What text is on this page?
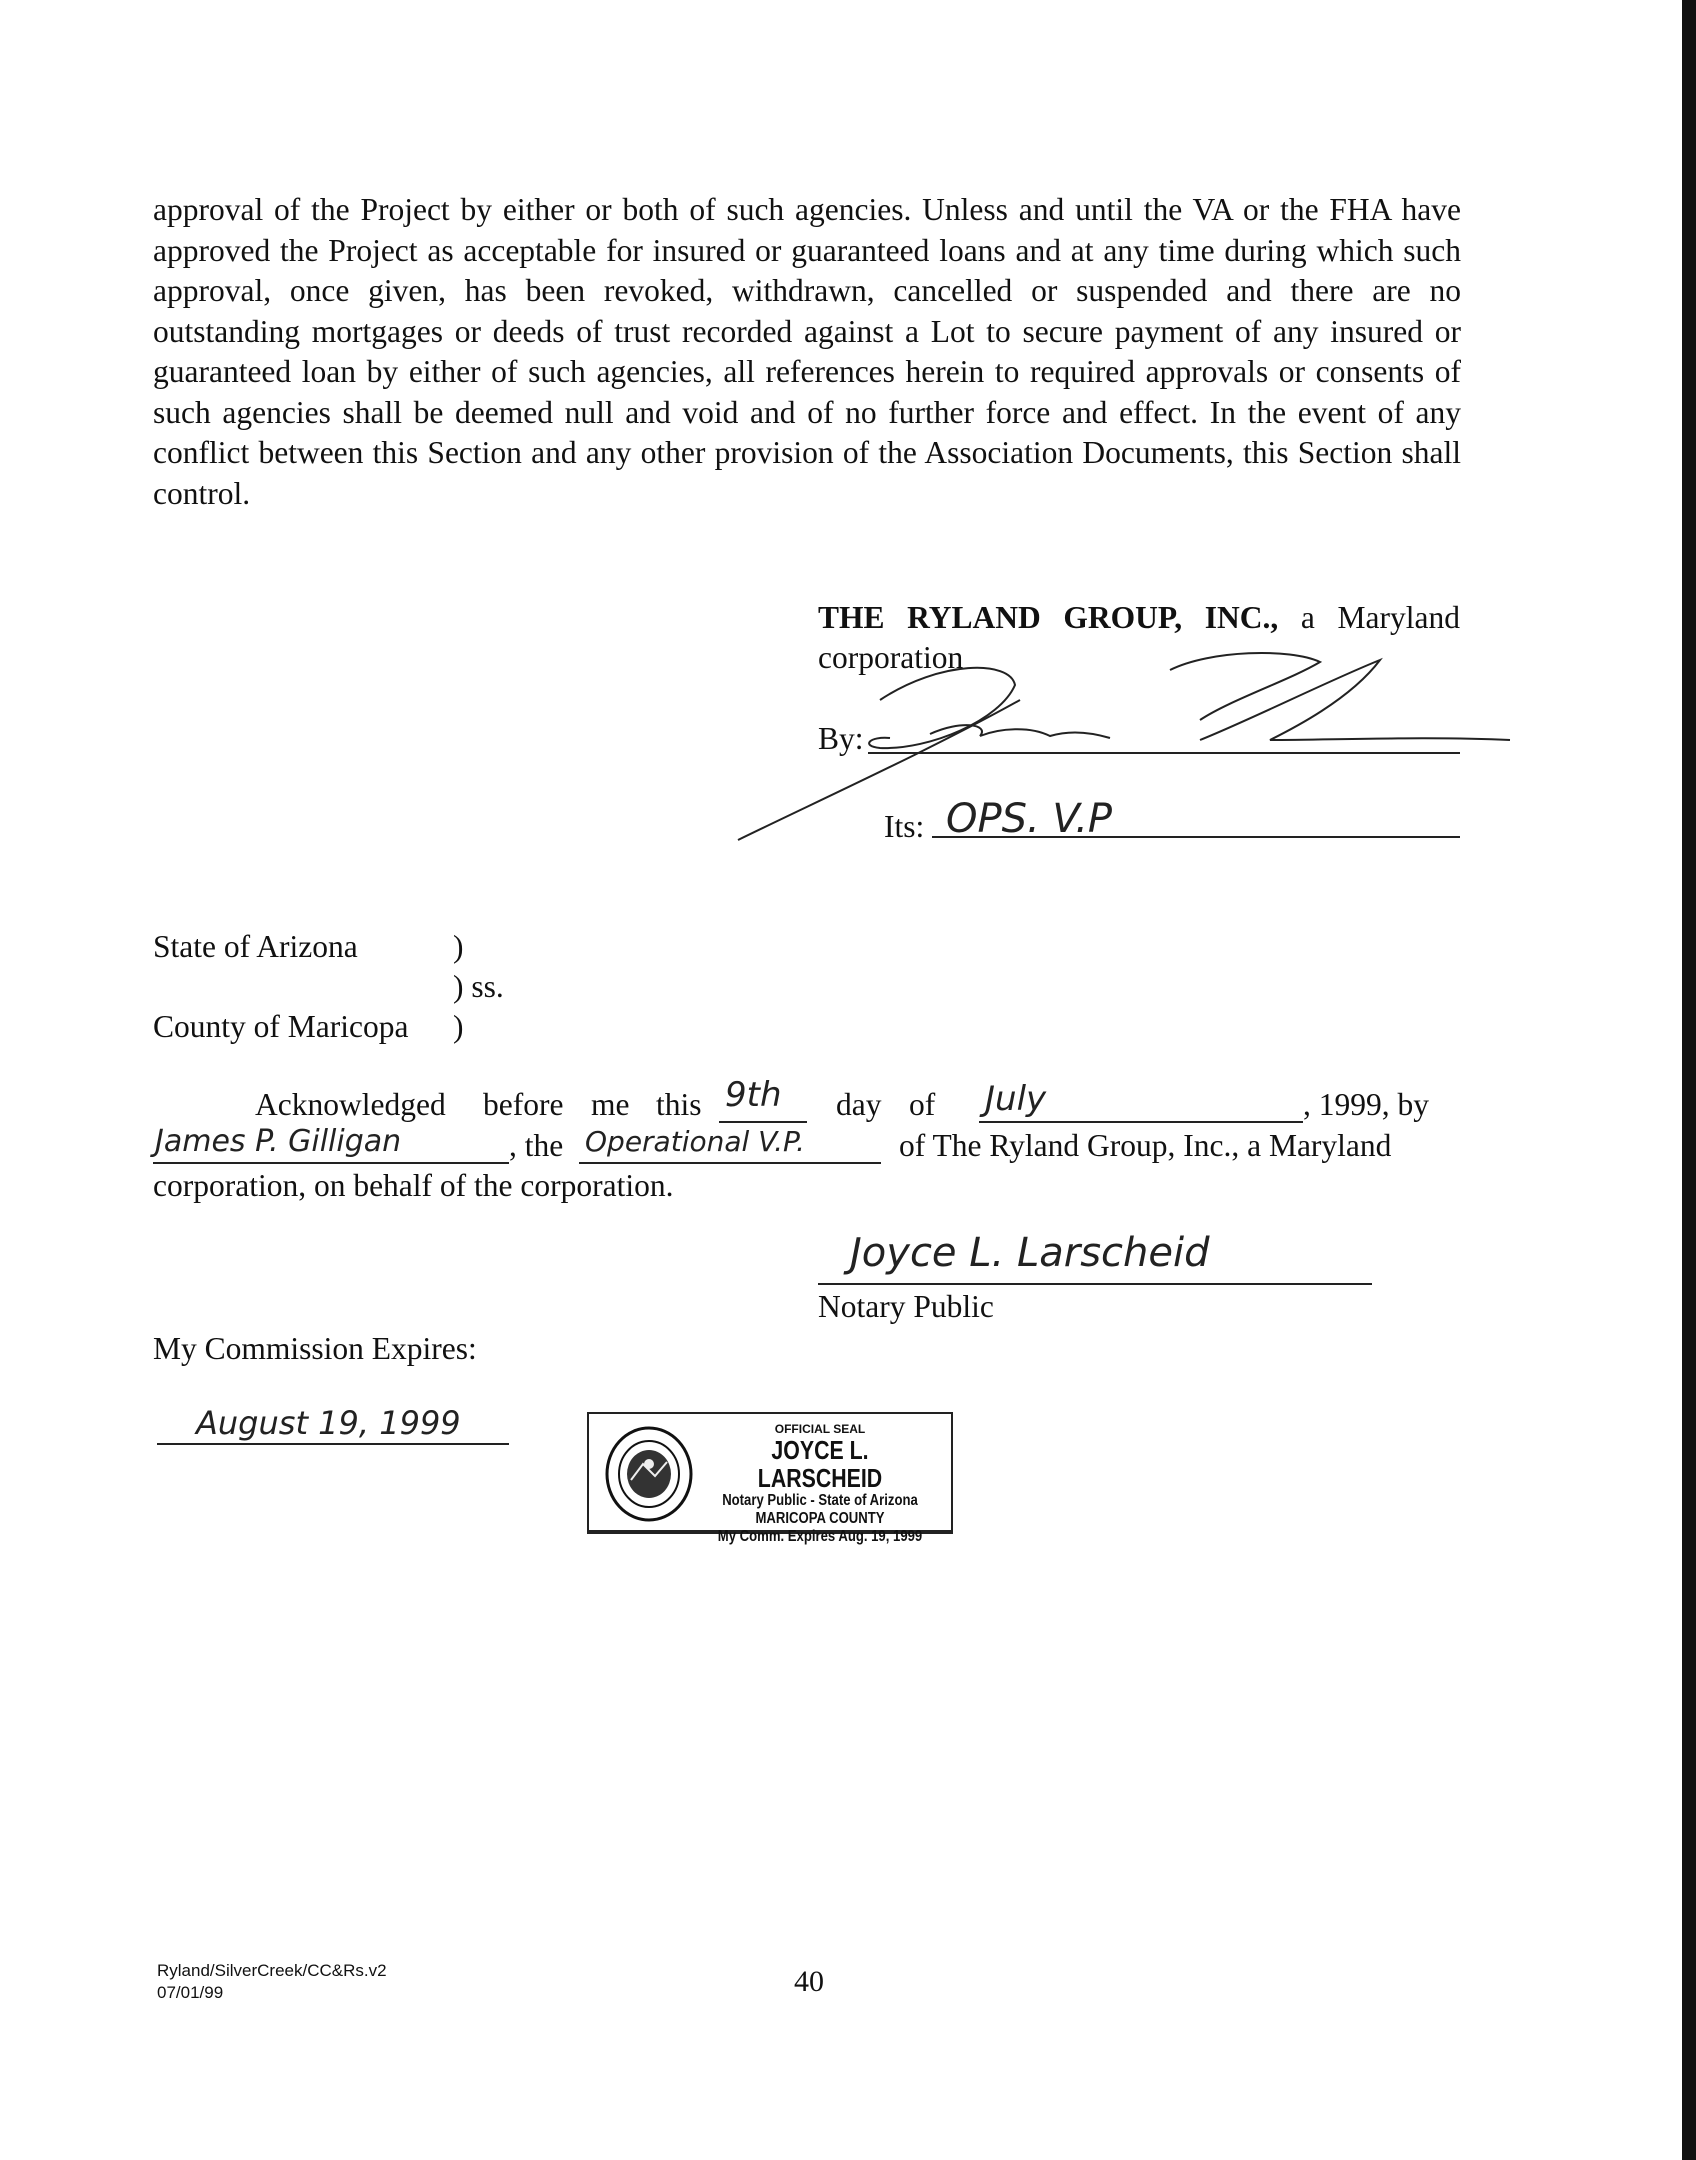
approval of the Project by either or both of such agencies. Unless and until the VA or the FHA have approved the Project as acceptable for insured or guaranteed loans and at any time during which such approval, once given, has been revoked, withdrawn, cancelled or suspended and there are no outstanding mortgages or deeds of trust recorded against a Lot to secure payment of any insured or guaranteed loan by either of such agencies, all references herein to required approvals or consents of such agencies shall be deemed null and void and of no further force and effect. In the event of any conflict between this Section and any other provision of the Association Documents, this Section shall control.

THE RYLAND GROUP, INC., a Maryland corporation

By:
Its: OPS. V.P
State of Arizona	)
) ss.
County of Maricopa )
Acknowledged before me this 9th day of July	, 1999, by
James P. Gilligan	, the Operational V.P.	of The Ryland Group, Inc., a Maryland
corporation, on behalf of the corporation.
Joyce L. Larscheid
Notary Public
My Commission Expires:
August 19, 1999	OFFICIAL SEAL
JOYCE L. LARSCHEID
Notary Public - State of Arizona
MARICOPA COUNTY
My Comm. Expires Aug. 19, 1999
Ryland/SilverCreek/CC&Rs.v2
07/01/99	40
